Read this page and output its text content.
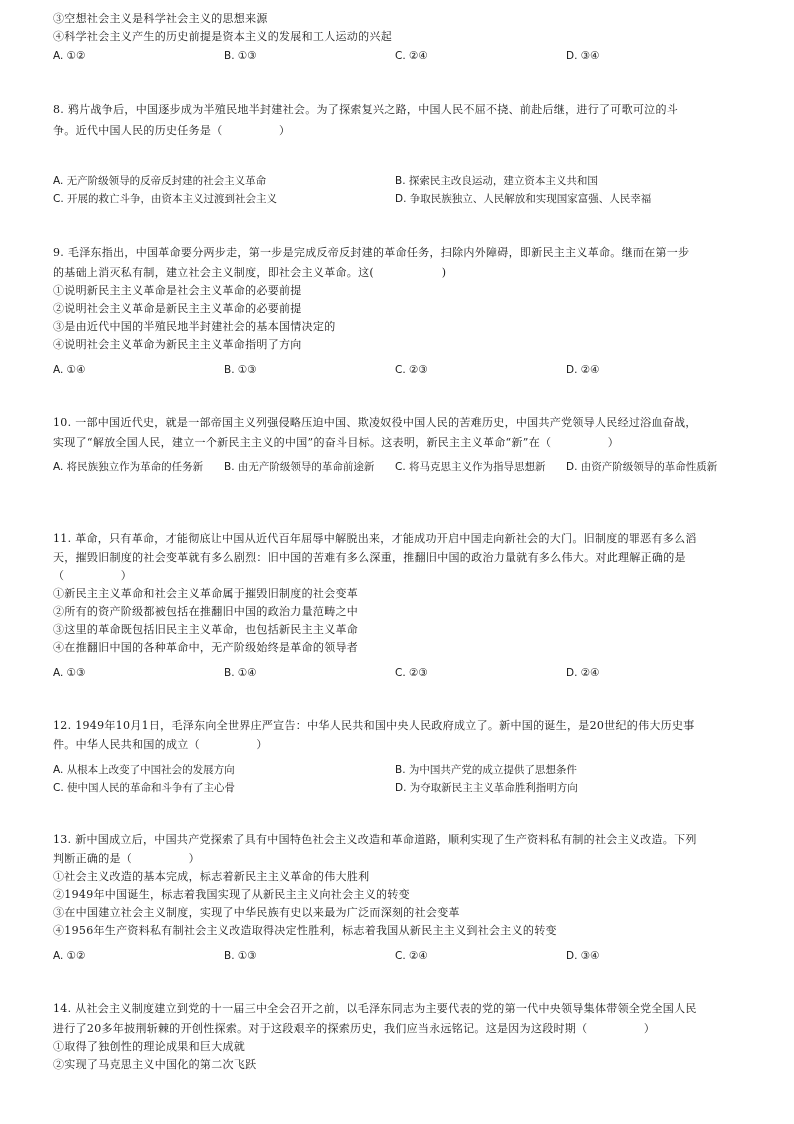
③空想社会主义是科学社会主义的思想来源
④科学社会主义产生的历史前提是资本主义的发展和工人运动的兴起
A. ①②	B. ①③	C. ②④	D. ③④
8. 鸦片战争后，中国逐步成为半殖民地半封建社会。为了探索复兴之路，中国人民不屈不挠、前赴后继，进行了可歌可泣的斗
争。近代中国人民的历史任务是（　　　　　）
A. 无产阶级领导的反帝反封建的社会主义革命	B. 探索民主改良运动，建立资本主义共和国
C. 开展的救亡斗争，由资本主义过渡到社会主义	D. 争取民族独立、人民解放和实现国家富强、人民幸福
9. 毛泽东指出，中国革命要分两步走，第一步是完成反帝反封建的革命任务，扫除内外障碍，即新民主主义革命。继而在第一步
的基础上消灭私有制，建立社会主义制度，即社会主义革命。这(　　　　　　)
①说明新民主主义革命是社会主义革命的必要前提
②说明社会主义革命是新民主主义革命的必要前提
③是由近代中国的半殖民地半封建社会的基本国情决定的
④说明社会主义革命为新民主主义革命指明了方向
A. ①④	B. ①③	C. ②③	D. ②④
10. 一部中国近代史，就是一部帝国主义列强侵略压迫中国、欺凌奴役中国人民的苦难历史，中国共产党领导人民经过浴血奋战，
实现了“解放全国人民，建立一个新民主主义的中国”的奋斗目标。这表明，新民主主义革命“新”在（　　　　　）
A. 将民族独立作为革命的任务新	B. 由无产阶级领导的革命前途新	C. 将马克思主义作为指导思想新	D. 由资产阶级领导的革命性质新
11. 革命，只有革命，才能彻底让中国从近代百年屈辱中解脱出来，才能成功开启中国走向新社会的大门。旧制度的罪恶有多么滔
天，摧毁旧制度的社会变革就有多么剧烈：旧中国的苦难有多么深重，推翻旧中国的政治力量就有多么伟大。对此理解正确的是
（　　　　　）
①新民主主义革命和社会主义革命属于摧毁旧制度的社会变革
②所有的资产阶级都被包括在推翻旧中国的政治力量范畴之中
③这里的革命既包括旧民主主义革命，也包括新民主主义革命
④在推翻旧中国的各种革命中，无产阶级始终是革命的领导者
A. ①③	B. ①④	C. ②③	D. ②④
12. 1949年10月1日，毛泽东向全世界庄严宣告：中华人民共和国中央人民政府成立了。新中国的诞生，是20世纪的伟大历史事
件。中华人民共和国的成立（　　　　　）
A. 从根本上改变了中国社会的发展方向	B. 为中国共产党的成立提供了思想条件
C. 使中国人民的革命和斗争有了主心骨	D. 为夺取新民主主义革命胜利指明方向
13. 新中国成立后，中国共产党探索了具有中国特色社会主义改造和革命道路，顺利实现了生产资料私有制的社会主义改造。下列
判断正确的是（　　　　　）
①社会主义改造的基本完成，标志着新民主主义革命的伟大胜利
②1949年中国诞生，标志着我国实现了从新民主主义向社会主义的转变
③在中国建立社会主义制度，实现了中华民族有史以来最为广泛而深刻的社会变革
④1956年生产资料私有制社会主义改造取得决定性胜利，标志着我国从新民主主义到社会主义的转变
A. ①②	B. ①③	C. ②④	D. ③④
14. 从社会主义制度建立到党的十一届三中全会召开之前，以毛泽东同志为主要代表的党的第一代中央领导集体带领全党全国人民
进行了20多年披荆斩棘的开创性探索。对于这段艰辛的探索历史，我们应当永远铭记。这是因为这段时期（　　　　　）
①取得了独创性的理论成果和巨大成就
②实现了马克思主义中国化的第二次飞跃
